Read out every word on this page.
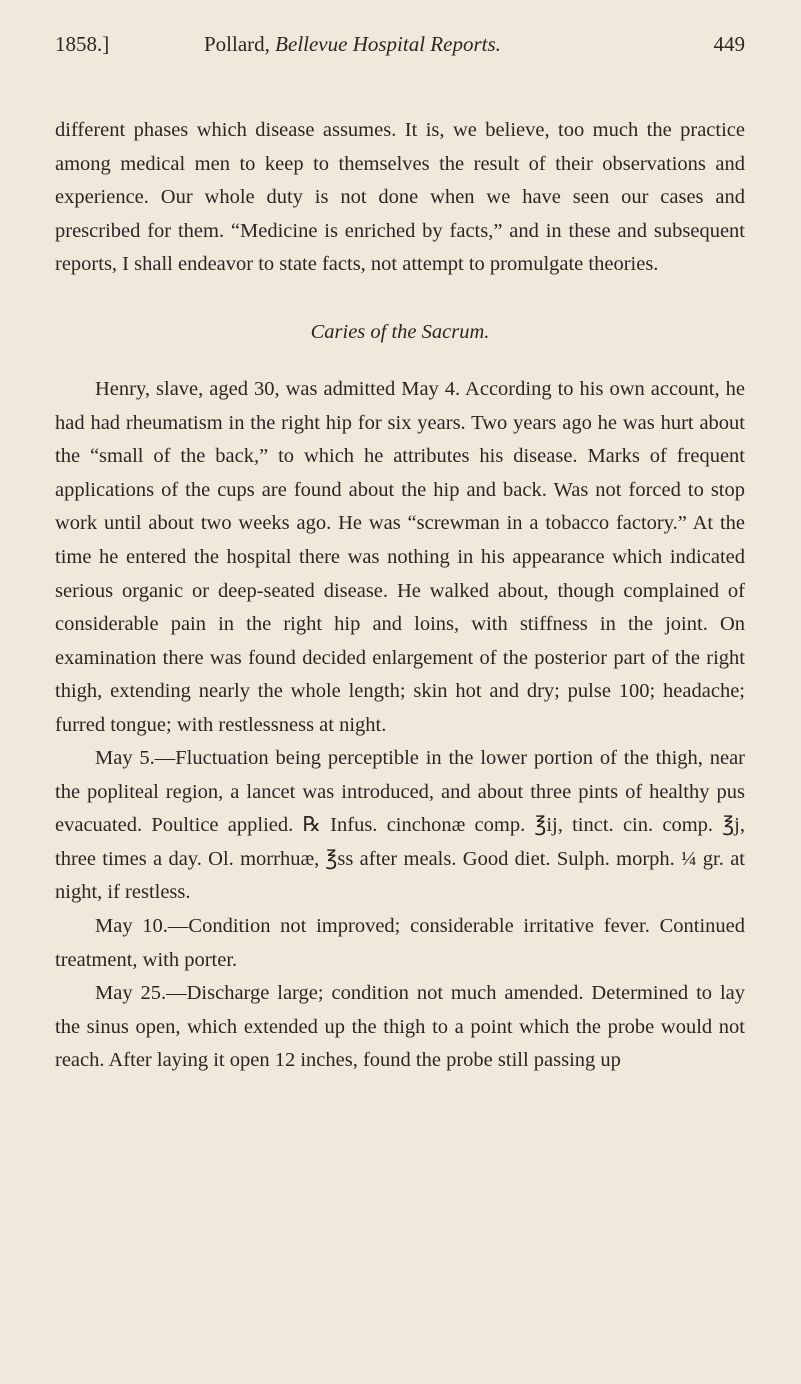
1858.]	Pollard, Bellevue Hospital Reports.	449

different phases which disease assumes. It is, we believe, too much the practice among medical men to keep to themselves the result of their observations and experience. Our whole duty is not done when we have seen our cases and prescribed for them. “Medicine is enriched by facts,” and in these and subsequent reports, I shall endeavor to state facts, not attempt to promulgate theories.

Caries of the Sacrum.

Henry, slave, aged 30, was admitted May 4. According to his own account, he had had rheumatism in the right hip for six years. Two years ago he was hurt about the “small of the back,” to which he attributes his disease. Marks of frequent applications of the cups are found about the hip and back. Was not forced to stop work until about two weeks ago. He was “screwman in a tobacco factory.” At the time he entered the hospital there was nothing in his appearance which indicated serious organic or deep-seated disease. He walked about, though complained of considerable pain in the right hip and loins, with stiffness in the joint. On examination there was found decided enlargement of the posterior part of the right thigh, extending nearly the whole length; skin hot and dry; pulse 100; headache; furred tongue; with restlessness at night.

May 5.—Fluctuation being perceptible in the lower portion of the thigh, near the popliteal region, a lancet was introduced, and about three pints of healthy pus evacuated. Poultice applied. ℞ Infus. cinchonæ comp. ℥ij, tinct. cin. comp. ℥j, three times a day. Ol. morrhuæ, ℥ss after meals. Good diet. Sulph. morph. ¼ gr. at night, if restless.

May 10.—Condition not improved; considerable irritative fever. Continued treatment, with porter.

May 25.—Discharge large; condition not much amended. Determined to lay the sinus open, which extended up the thigh to a point which the probe would not reach. After laying it open 12 inches, found the probe still passing up
